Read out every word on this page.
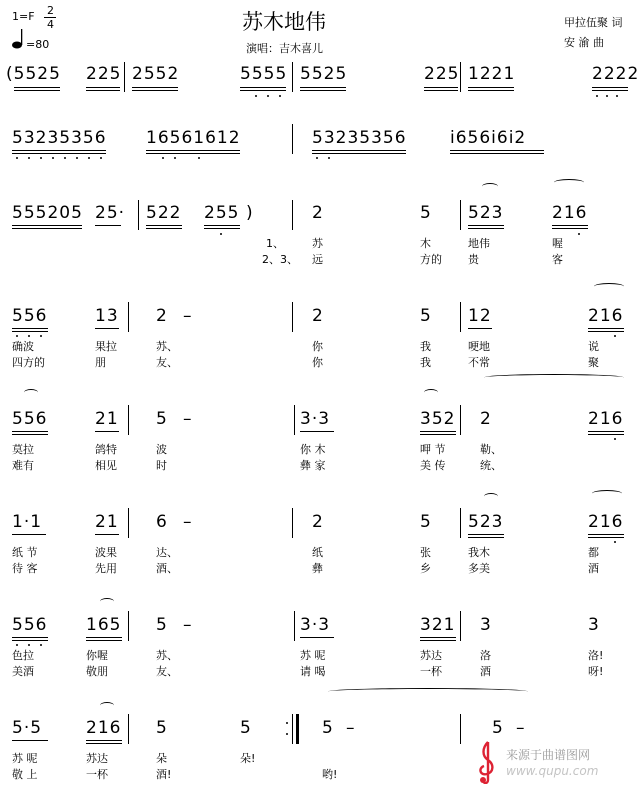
1=F 2
4
=80
苏木地伟
演唱：吉木喜儿
甲拉伍聚 词
安 渝 曲
(5525 225 2552	5555 5525	225 1221	2222
53235356 16561612	53235356	i656i6i2
555205 25· 522 255 )	2	5 523	216
1、	苏	木	地伟	喔
2、3、 远	方的 贵	客
556	13 2 –	2	5 12	216
确波	果拉	苏、	你	我	哽地	说
四方的	朋	友、	你	我	不常	聚
556	21 5 –	3·3	352 2	216
莫拉	鸽特	波	你 木	呷 节	勒、
难有	相见	时	彝 家	美 传	统、
1·1	21 6 –	2	5 523	216
纸 节	波果	达、	纸	张	我木	都
待 客	先用	酒、	彝	乡	多美	酒
556 165 5 –	3·3	321 3	3
色拉	你喔	苏、	苏 呢	苏达	洛	洛!
美酒	敬朋	友、	请 喝	一杯	酒	呀!
5·5	216 5	5	5 –	5 –
苏 呢	苏达	朵	朵!
敬 上	一杯	酒!	哟!
来源于曲谱图网
www.qupu.com
